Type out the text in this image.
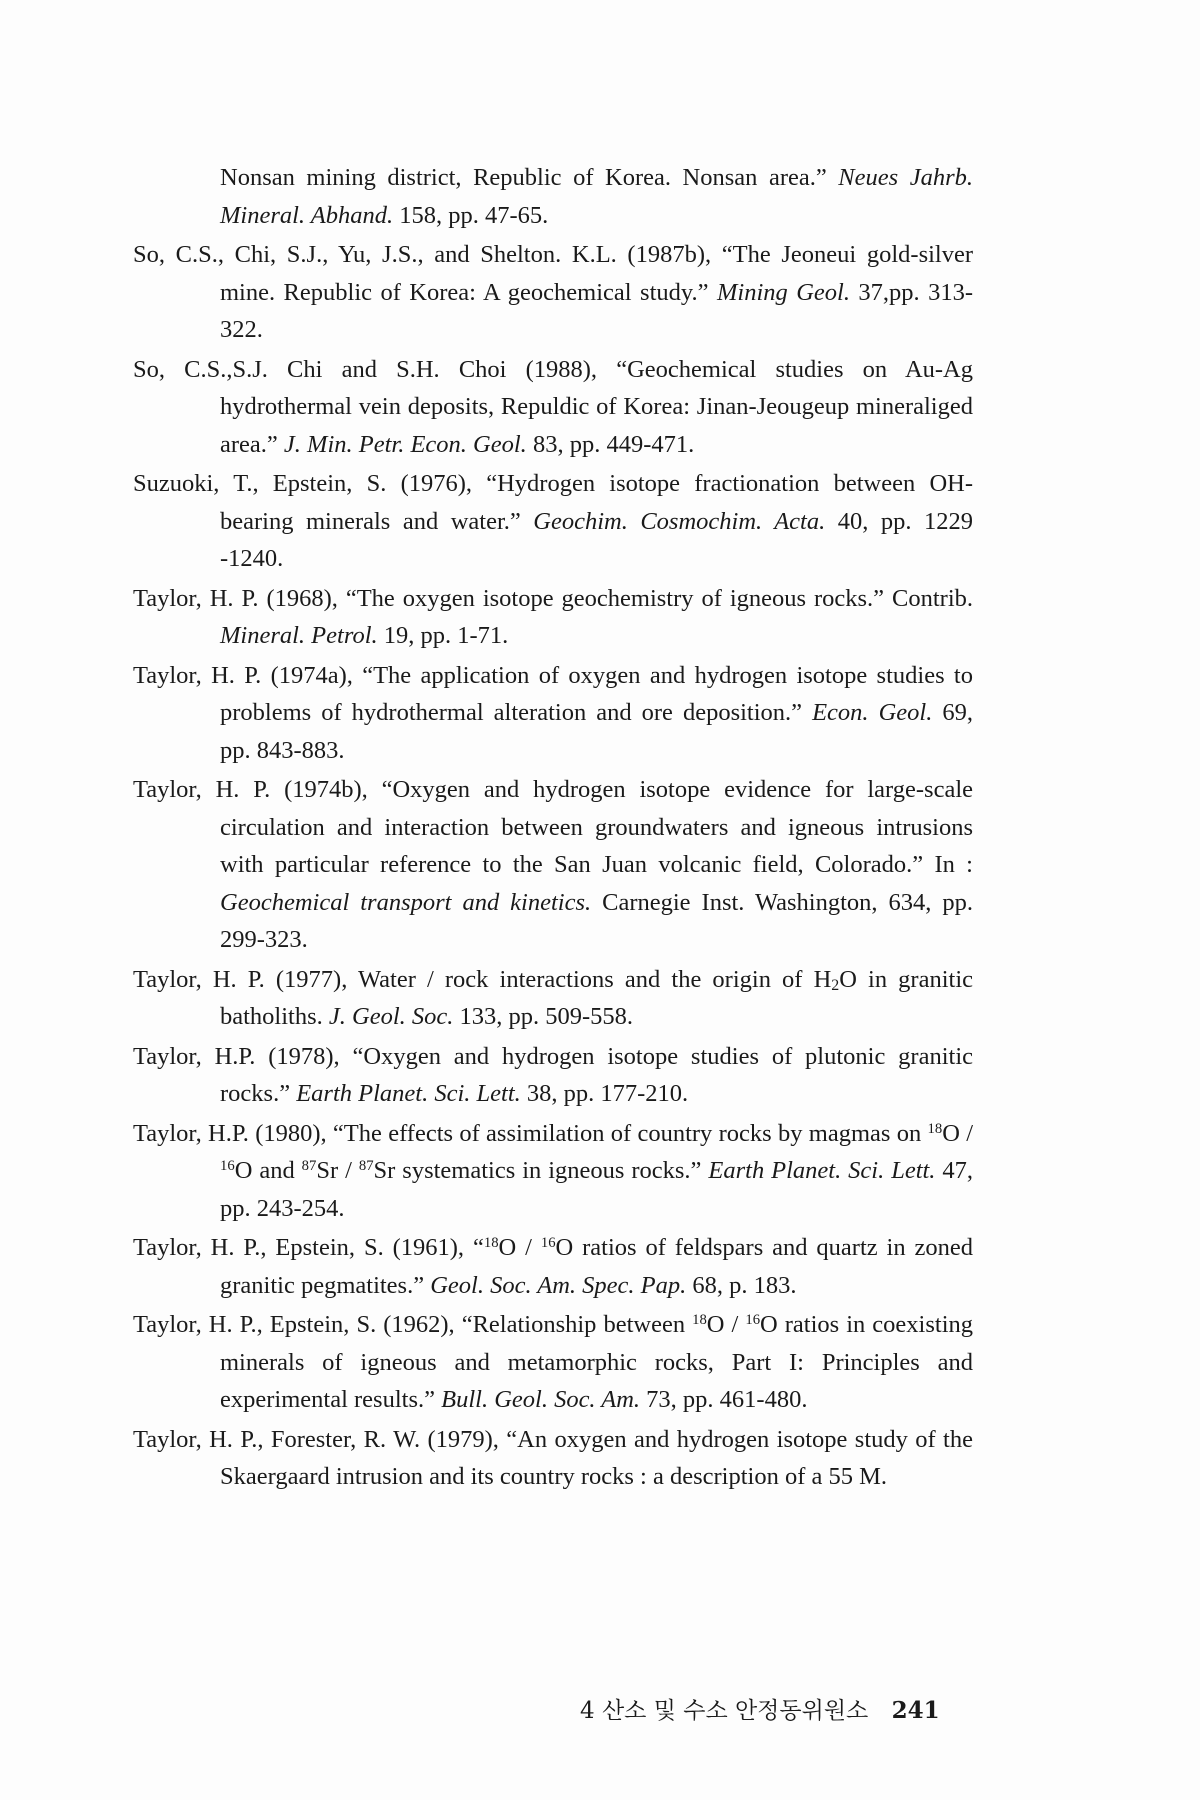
Nonsan mining district, Republic of Korea. Nonsan area.” Neues Jahrb. Mineral. Abhand. 158, pp. 47-65.

So, C.S., Chi, S.J., Yu, J.S., and Shelton. K.L. (1987b), “The Jeoneui gold-silver mine. Republic of Korea: A geochemical study.” Mining Geol. 37,pp. 313-322.

So, C.S.,S.J. Chi and S.H. Choi (1988), “Geochemical studies on Au-Ag hydrothermal vein deposits, Repuldic of Korea: Jinan-Jeougeup mineraliged area.” J. Min. Petr. Econ. Geol. 83, pp. 449-471.

Suzuoki, T., Epstein, S. (1976), “Hydrogen isotope fractionation between OH-bearing minerals and water.” Geochim. Cosmochim. Acta. 40, pp. 1229 -1240.

Taylor, H. P. (1968), “The oxygen isotope geochemistry of igneous rocks.” Contrib. Mineral. Petrol. 19, pp. 1-71.

Taylor, H. P. (1974a), “The application of oxygen and hydrogen isotope studies to problems of hydrothermal alteration and ore deposition.” Econ. Geol. 69, pp. 843-883.

Taylor, H. P. (1974b), “Oxygen and hydrogen isotope evidence for large-scale circulation and interaction between groundwaters and igneous intrusions with particular reference to the San Juan volcanic field, Colorado.” In : Geochemical transport and kinetics. Carnegie Inst. Washington, 634, pp. 299-323.

Taylor, H. P. (1977), Water / rock interactions and the origin of $H_2O$ in granitic batholiths. J. Geol. Soc. 133, pp. 509-558.

Taylor, H.P. (1978), “Oxygen and hydrogen isotope studies of plutonic granitic rocks.” Earth Planet. Sci. Lett. 38, pp. 177-210.

Taylor, H.P. (1980), “The effects of assimilation of country rocks by magmas on $^{18}$O / $^{16}$O and $^{87}$Sr / $^{87}$Sr systematics in igneous rocks.” Earth Planet. Sci. Lett. 47, pp. 243-254.

Taylor, H. P., Epstein, S. (1961), “$^{18}$O / $^{16}$O ratios of feldspars and quartz in zoned granitic pegmatites.” Geol. Soc. Am. Spec. Pap. 68, p. 183.

Taylor, H. P., Epstein, S. (1962), “Relationship between $^{18}$O / $^{16}$O ratios in coexisting minerals of igneous and metamorphic rocks, Part I: Principles and experimental results.” Bull. Geol. Soc. Am. 73, pp. 461-480.

Taylor, H. P., Forester, R. W. (1979), “An oxygen and hydrogen isotope study of the Skaergaard intrusion and its country rocks : a description of a 55 M.

4 산소 및 수소 안정동위원소 241
